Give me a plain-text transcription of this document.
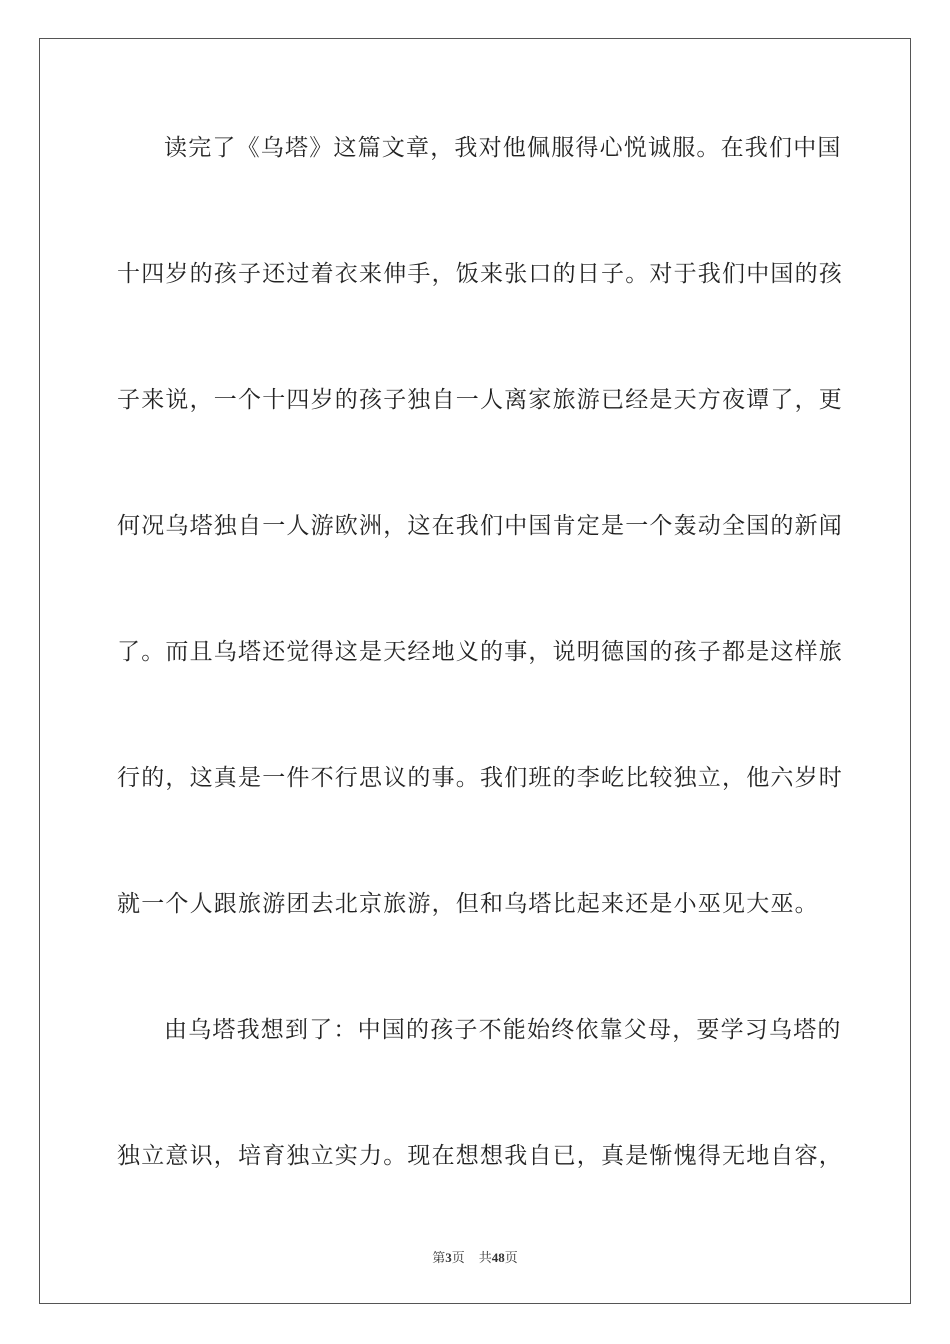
读完了《乌塔》这篇文章，我对他佩服得心悦诚服。在我们中国
十四岁的孩子还过着衣来伸手，饭来张口的日子。对于我们中国的孩
子来说，一个十四岁的孩子独自一人离家旅游已经是天方夜谭了，更
何况乌塔独自一人游欧洲，这在我们中国肯定是一个轰动全国的新闻
了。而且乌塔还觉得这是天经地义的事，说明德国的孩子都是这样旅
行的，这真是一件不行思议的事。我们班的李屹比较独立，他六岁时
就一个人跟旅游团去北京旅游，但和乌塔比起来还是小巫见大巫。
由乌塔我想到了：中国的孩子不能始终依靠父母，要学习乌塔的
独立意识，培育独立实力。现在想想我自已，真是惭愧得无地自容，
第3页 共48页
